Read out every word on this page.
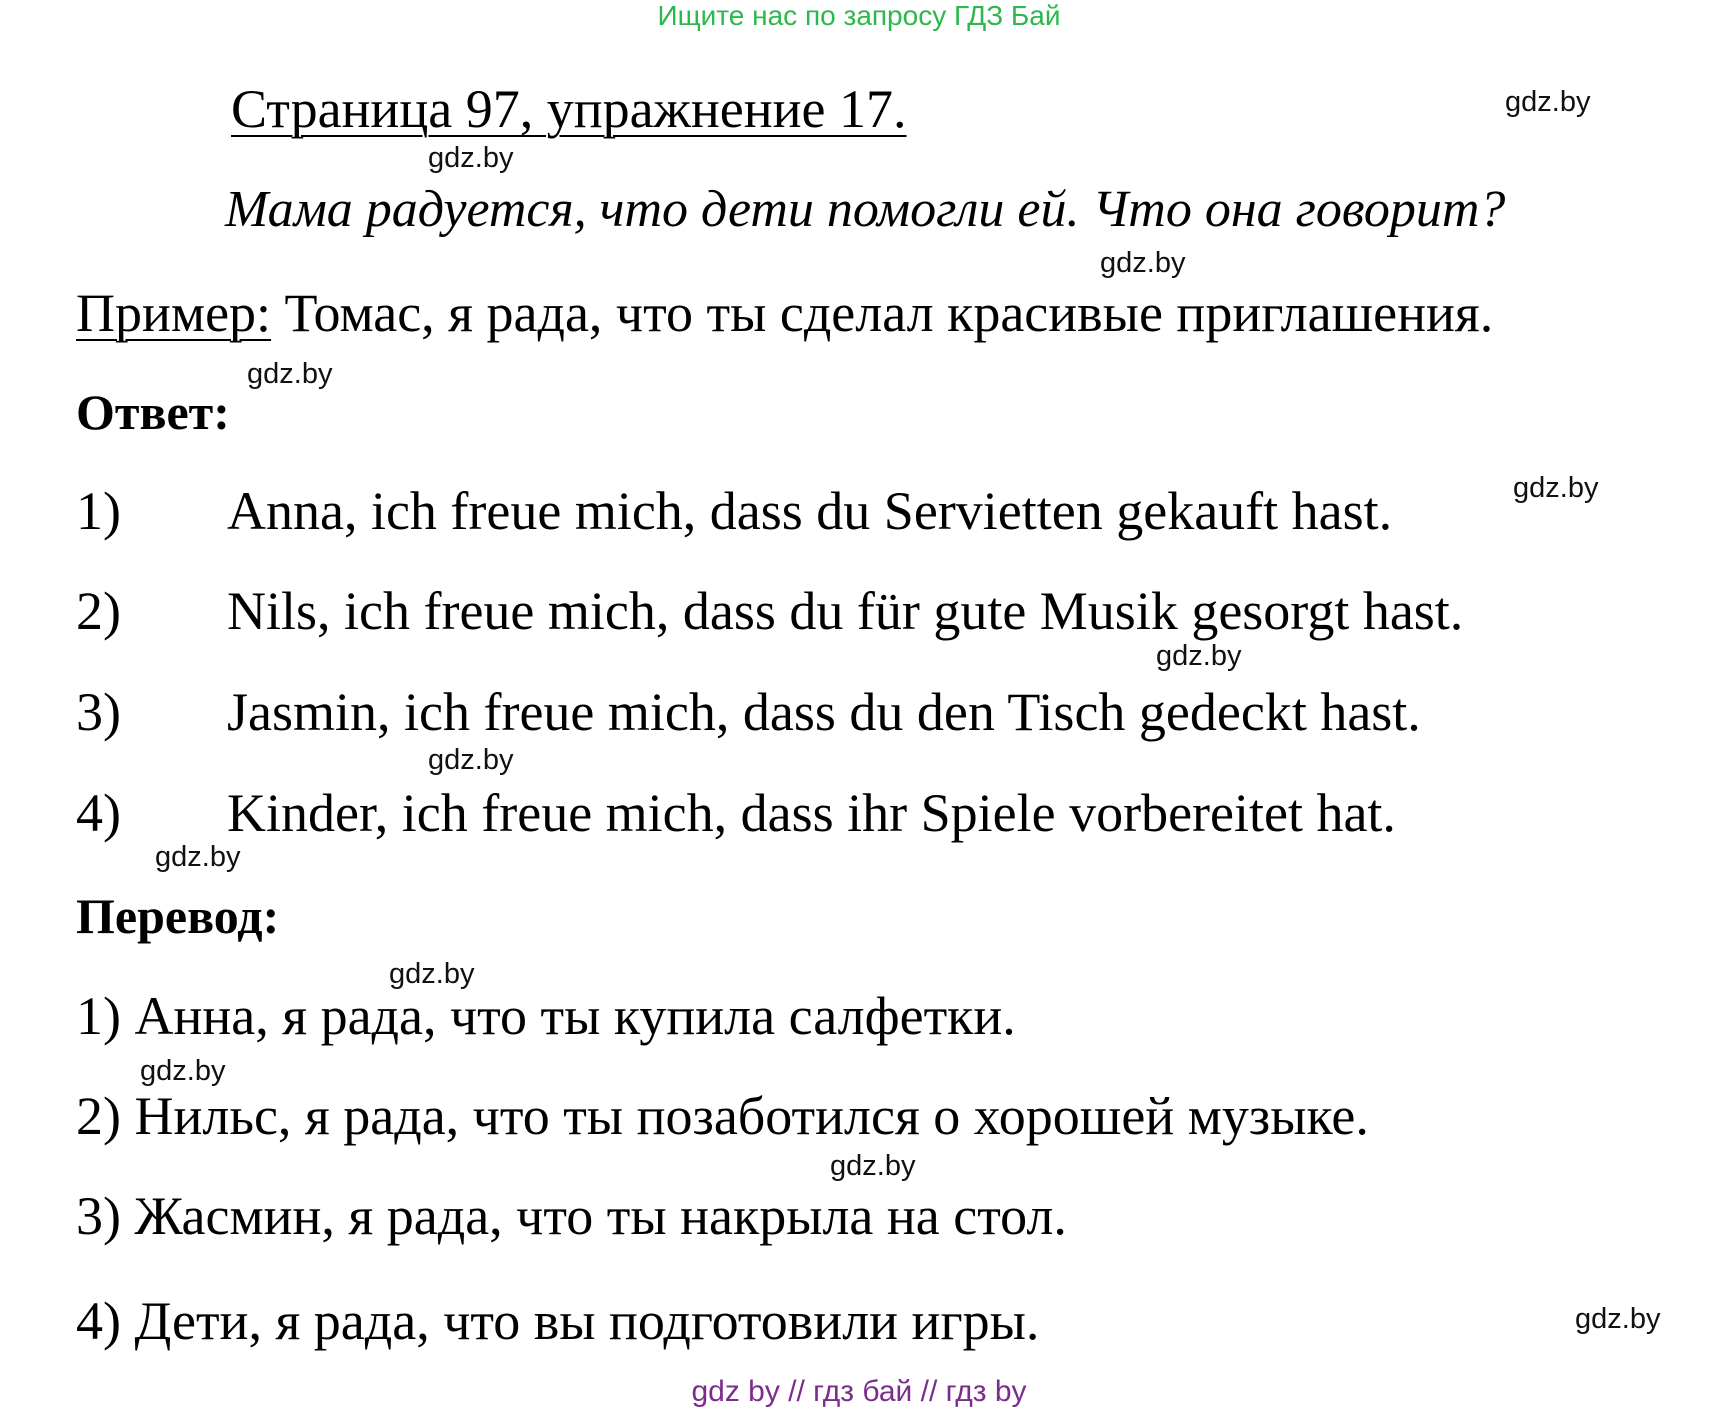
Ищите нас по запросу ГДЗ Бай
Страница 97, упражнение 17.
Мама радуется, что дети помогли ей. Что она говорит?
Пример: Томас, я рада, что ты сделал красивые приглашения.
Ответ:
1) Anna, ich freue mich, dass du Servietten gekauft hast.
2) Nils, ich freue mich, dass du für gute Musik gesorgt hast.
3) Jasmin, ich freue mich, dass du den Tisch gedeckt hast.
4) Kinder, ich freue mich, dass ihr Spiele vorbereitet hat.
Перевод:
1) Анна, я рада, что ты купила салфетки.
2) Нильс, я рада, что ты позаботился о хорошей музыке.
3) Жасмин, я рада, что ты накрыла на стол.
4) Дети, я рада, что вы подготовили игры.
gdz.by
gdz.by
gdz.by
gdz.by
gdz.by
gdz.by
gdz.by
gdz.by
gdz.by
gdz.by
gdz.by
gdz.by
gdz by // гдз бай // гдз by
